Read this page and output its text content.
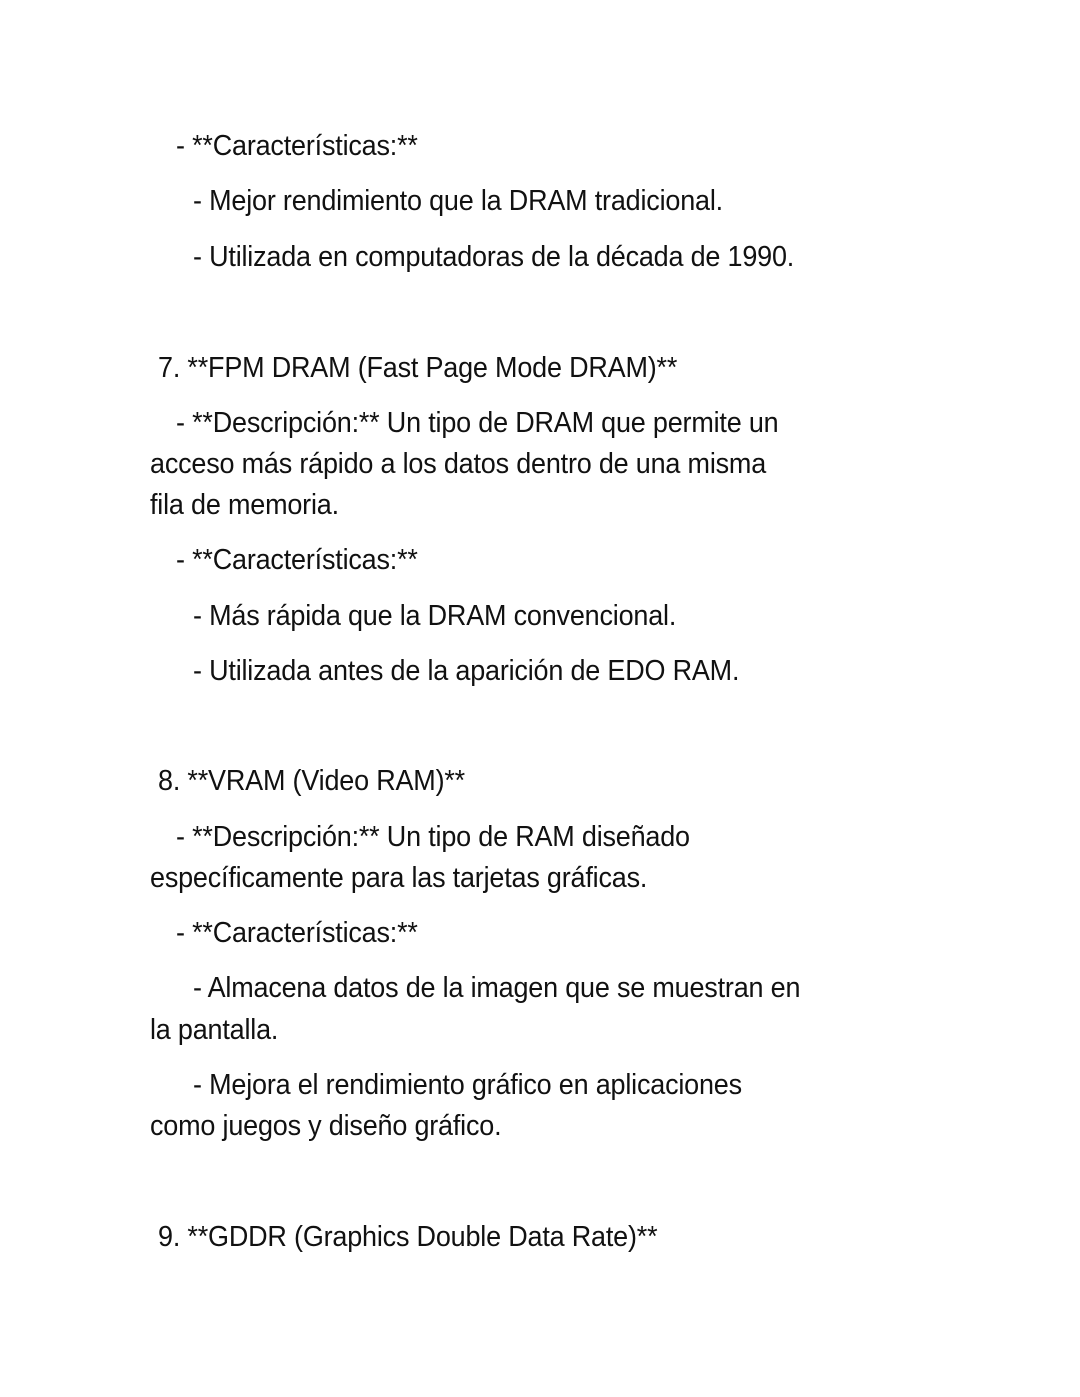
- **Características:**
- Mejor rendimiento que la DRAM tradicional.
- Utilizada en computadoras de la década de 1990.
7. **FPM DRAM (Fast Page Mode DRAM)**
- **Descripción:** Un tipo de DRAM que permite un
acceso más rápido a los datos dentro de una misma
fila de memoria.
- **Características:**
- Más rápida que la DRAM convencional.
- Utilizada antes de la aparición de EDO RAM.
8. **VRAM (Video RAM)**
- **Descripción:** Un tipo de RAM diseñado
específicamente para las tarjetas gráficas.
- **Características:**
- Almacena datos de la imagen que se muestran en
la pantalla.
- Mejora el rendimiento gráfico en aplicaciones
como juegos y diseño gráfico.
9. **GDDR (Graphics Double Data Rate)**
